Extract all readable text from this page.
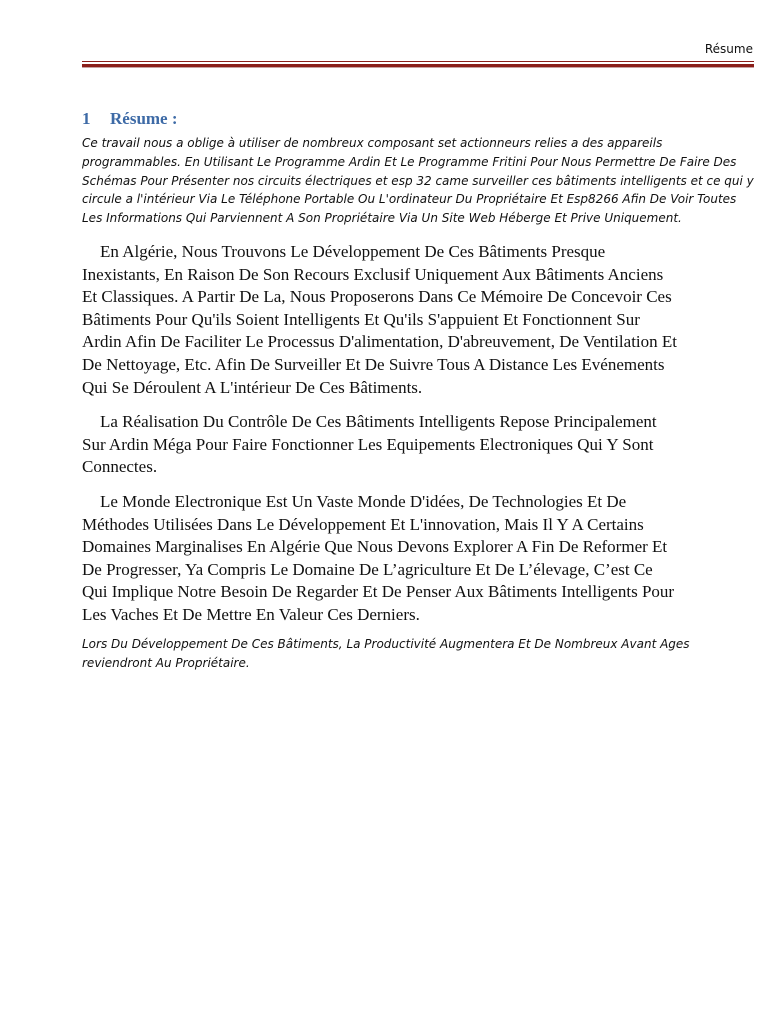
Résume
1 Résume :

Ce travail nous a oblige à utiliser de nombreux composant set actionneurs relies a des appareils programmables. En Utilisant Le Programme Ardin Et Le Programme Fritini Pour Nous Permettre De Faire Des Schémas Pour Présenter nos circuits électriques et esp 32 came surveiller ces bâtiments intelligents et ce qui y circule a l'intérieur Via Le Téléphone Portable Ou L'ordinateur Du Propriétaire Et Esp8266 Afin De Voir Toutes Les Informations Qui Parviennent A Son Propriétaire Via Un Site Web Héberge Et Prive Uniquement.

En Algérie, Nous Trouvons Le Développement De Ces Bâtiments Presque Inexistants, En Raison De Son Recours Exclusif Uniquement Aux Bâtiments Anciens Et Classiques. A Partir De La, Nous Proposerons Dans Ce Mémoire De Concevoir Ces Bâtiments Pour Qu'ils Soient Intelligents Et Qu'ils S'appuient Et Fonctionnent Sur Ardin Afin De Faciliter Le Processus D'alimentation, D'abreuvement, De Ventilation Et De Nettoyage, Etc. Afin De Surveiller Et De Suivre Tous A Distance Les Evénements Qui Se Déroulent A L'intérieur De Ces Bâtiments.

La Réalisation Du Contrôle De Ces Bâtiments Intelligents Repose Principalement Sur Ardin Méga Pour Faire Fonctionner Les Equipements Electroniques Qui Y Sont Connectes.

Le Monde Electronique Est Un Vaste Monde D'idées, De Technologies Et De Méthodes Utilisées Dans Le Développement Et L'innovation, Mais Il Y A Certains Domaines Marginalises En Algérie Que Nous Devons Explorer A Fin De Reformer Et De Progresser, Ya Compris Le Domaine De L’agriculture Et De L’élevage, C’est Ce Qui Implique Notre Besoin De Regarder Et De Penser Aux Bâtiments Intelligents Pour Les Vaches Et De Mettre En Valeur Ces Derniers.

Lors Du Développement De Ces Bâtiments, La Productivité Augmentera Et De Nombreux Avant Ages reviendront Au Propriétaire.
